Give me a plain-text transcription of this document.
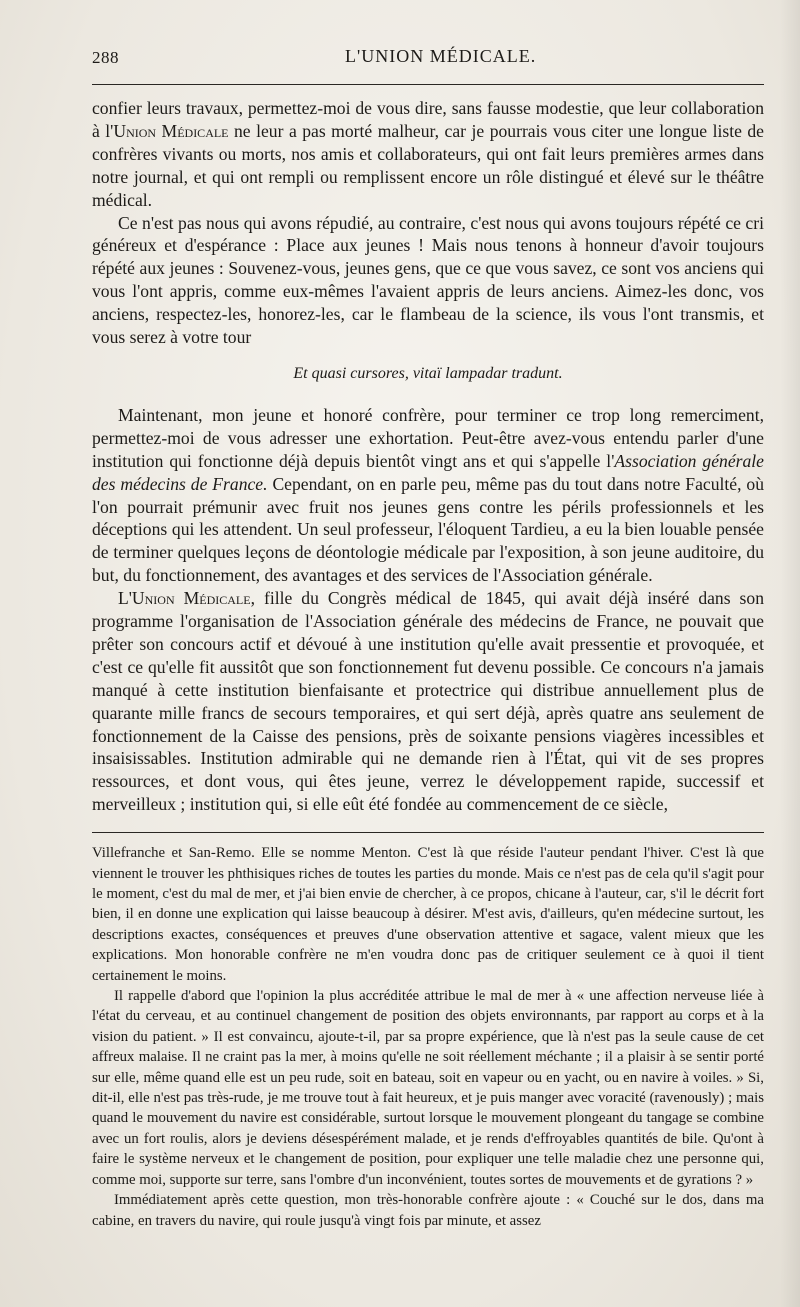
288	L'UNION MÉDICALE.

confier leurs travaux, permettez-moi de vous dire, sans fausse modestie, que leur collaboration à l'Union Médicale ne leur a pas morté malheur, car je pourrais vous citer une longue liste de confrères vivants ou morts, nos amis et collaborateurs, qui ont fait leurs premières armes dans notre journal, et qui ont rempli ou remplissent encore un rôle distingué et élevé sur le théâtre médical.

Ce n'est pas nous qui avons répudié, au contraire, c'est nous qui avons toujours répété ce cri généreux et d'espérance : Place aux jeunes ! Mais nous tenons à honneur d'avoir toujours répété aux jeunes : Souvenez-vous, jeunes gens, que ce que vous savez, ce sont vos anciens qui vous l'ont appris, comme eux-mêmes l'avaient appris de leurs anciens. Aimez-les donc, vos anciens, respectez-les, honorez-les, car le flambeau de la science, ils vous l'ont transmis, et vous serez à votre tour

Et quasi cursores, vitaï lampadar tradunt.

Maintenant, mon jeune et honoré confrère, pour terminer ce trop long remerciment, permettez-moi de vous adresser une exhortation. Peut-être avez-vous entendu parler d'une institution qui fonctionne déjà depuis bientôt vingt ans et qui s'appelle l'Association générale des médecins de France. Cependant, on en parle peu, même pas du tout dans notre Faculté, où l'on pourrait prémunir avec fruit nos jeunes gens contre les périls professionnels et les déceptions qui les attendent. Un seul professeur, l'éloquent Tardieu, a eu la bien louable pensée de terminer quelques leçons de déontologie médicale par l'exposition, à son jeune auditoire, du but, du fonctionnement, des avantages et des services de l'Association générale.

L'Union Médicale, fille du Congrès médical de 1845, qui avait déjà inséré dans son programme l'organisation de l'Association générale des médecins de France, ne pouvait que prêter son concours actif et dévoué à une institution qu'elle avait pressentie et provoquée, et c'est ce qu'elle fit aussitôt que son fonctionnement fut devenu possible. Ce concours n'a jamais manqué à cette institution bienfaisante et protectrice qui distribue annuellement plus de quarante mille francs de secours temporaires, et qui sert déjà, après quatre ans seulement de fonctionnement de la Caisse des pensions, près de soixante pensions viagères incessibles et insaisissables. Institution admirable qui ne demande rien à l'État, qui vit de ses propres ressources, et dont vous, qui êtes jeune, verrez le développement rapide, successif et merveilleux ; institution qui, si elle eût été fondée au commencement de ce siècle,

Villefranche et San-Remo. Elle se nomme Menton. C'est là que réside l'auteur pendant l'hiver. C'est là que viennent le trouver les phthisiques riches de toutes les parties du monde. Mais ce n'est pas de cela qu'il s'agit pour le moment, c'est du mal de mer, et j'ai bien envie de chercher, à ce propos, chicane à l'auteur, car, s'il le décrit fort bien, il en donne une explication qui laisse beaucoup à désirer. M'est avis, d'ailleurs, qu'en médecine surtout, les descriptions exactes, conséquences et preuves d'une observation attentive et sagace, valent mieux que les explications. Mon honorable confrère ne m'en voudra donc pas de critiquer seulement ce à quoi il tient certainement le moins.

Il rappelle d'abord que l'opinion la plus accréditée attribue le mal de mer à « une affection nerveuse liée à l'état du cerveau, et au continuel changement de position des objets environnants, par rapport au corps et à la vision du patient. » Il est convaincu, ajoute-t-il, par sa propre expérience, que là n'est pas la seule cause de cet affreux malaise. Il ne craint pas la mer, à moins qu'elle ne soit réellement méchante ; il a plaisir à se sentir porté sur elle, même quand elle est un peu rude, soit en bateau, soit en vapeur ou en yacht, ou en navire à voiles. » Si, dit-il, elle n'est pas très-rude, je me trouve tout à fait heureux, et je puis manger avec voracité (ravenously) ; mais quand le mouvement du navire est considérable, surtout lorsque le mouvement plongeant du tangage se combine avec un fort roulis, alors je deviens désespérément malade, et je rends d'effroyables quantités de bile. Qu'ont à faire le système nerveux et le changement de position, pour expliquer une telle maladie chez une personne qui, comme moi, supporte sur terre, sans l'ombre d'un inconvénient, toutes sortes de mouvements et de gyrations ? »

Immédiatement après cette question, mon très-honorable confrère ajoute : « Couché sur le dos, dans ma cabine, en travers du navire, qui roule jusqu'à vingt fois par minute, et assez
